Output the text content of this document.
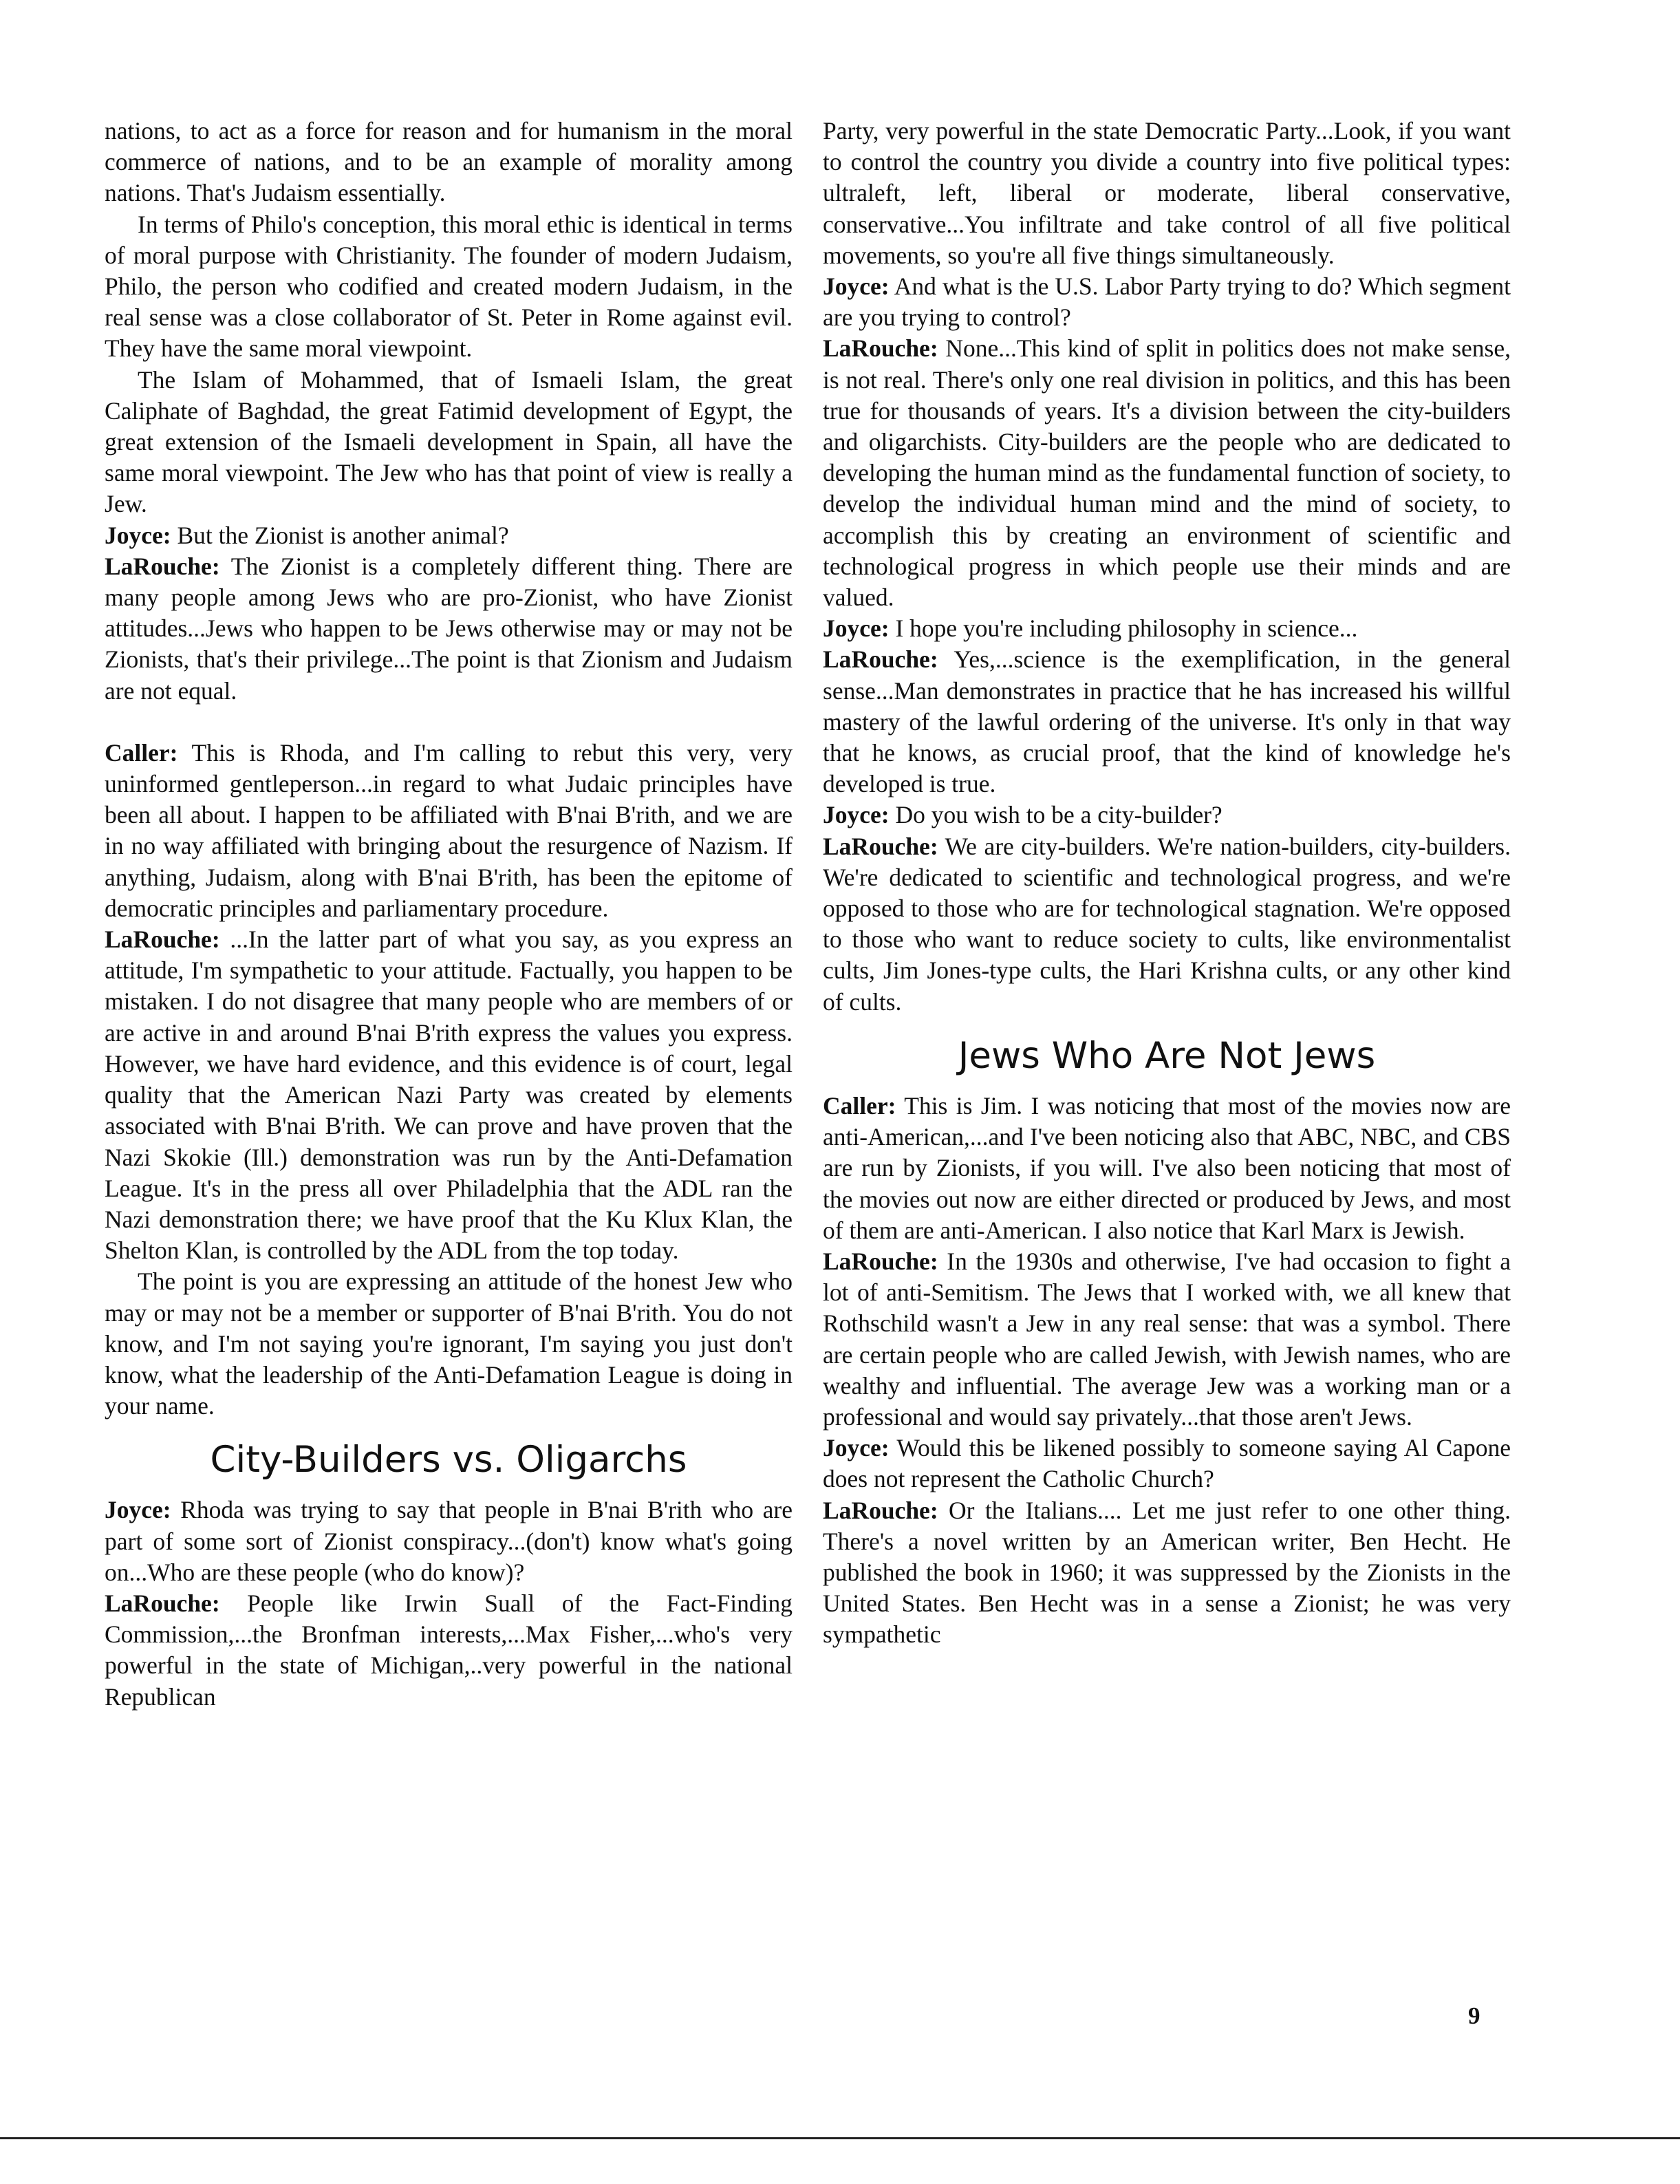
nations, to act as a force for reason and for humanism in the moral commerce of nations, and to be an example of morality among nations. That's Judaism essentially.

In terms of Philo's conception, this moral ethic is identical in terms of moral purpose with Christianity. The founder of modern Judaism, Philo, the person who codified and created modern Judaism, in the real sense was a close collaborator of St. Peter in Rome against evil. They have the same moral viewpoint.

The Islam of Mohammed, that of Ismaeli Islam, the great Caliphate of Baghdad, the great Fatimid development of Egypt, the great extension of the Ismaeli development in Spain, all have the same moral viewpoint. The Jew who has that point of view is really a Jew.

Joyce: But the Zionist is another animal?

LaRouche: The Zionist is a completely different thing. There are many people among Jews who are pro-Zionist, who have Zionist attitudes...Jews who happen to be Jews otherwise may or may not be Zionists, that's their privilege...The point is that Zionism and Judaism are not equal.

Caller: This is Rhoda, and I'm calling to rebut this very, very uninformed gentleperson...in regard to what Judaic principles have been all about. I happen to be affiliated with B'nai B'rith, and we are in no way affiliated with bringing about the resurgence of Nazism. If anything, Judaism, along with B'nai B'rith, has been the epitome of democratic principles and parliamentary procedure.

LaRouche: ...In the latter part of what you say, as you express an attitude, I'm sympathetic to your attitude. Factually, you happen to be mistaken. I do not disagree that many people who are members of or are active in and around B'nai B'rith express the values you express. However, we have hard evidence, and this evidence is of court, legal quality that the American Nazi Party was created by elements associated with B'nai B'rith. We can prove and have proven that the Nazi Skokie (Ill.) demonstration was run by the Anti-Defamation League. It's in the press all over Philadelphia that the ADL ran the Nazi demonstration there; we have proof that the Ku Klux Klan, the Shelton Klan, is controlled by the ADL from the top today.

The point is you are expressing an attitude of the honest Jew who may or may not be a member or supporter of B'nai B'rith. You do not know, and I'm not saying you're ignorant, I'm saying you just don't know, what the leadership of the Anti-Defamation League is doing in your name.

City-Builders vs. Oligarchs

Joyce: Rhoda was trying to say that people in B'nai B'rith who are part of some sort of Zionist conspiracy...(don't) know what's going on...Who are these people (who do know)?

LaRouche: People like Irwin Suall of the Fact-Finding Commission,...the Bronfman interests,...Max Fisher,...who's very powerful in the state of Michigan,..very powerful in the national Republican

Party, very powerful in the state Democratic Party...Look, if you want to control the country you divide a country into five political types: ultraleft, left, liberal or moderate, liberal conservative, conservative...You infiltrate and take control of all five political movements, so you're all five things simultaneously.

Joyce: And what is the U.S. Labor Party trying to do? Which segment are you trying to control?

LaRouche: None...This kind of split in politics does not make sense, is not real. There's only one real division in politics, and this has been true for thousands of years. It's a division between the city-builders and oligarchists. City-builders are the people who are dedicated to developing the human mind as the fundamental function of society, to develop the individual human mind and the mind of society, to accomplish this by creating an environment of scientific and technological progress in which people use their minds and are valued.

Joyce: I hope you're including philosophy in science...

LaRouche: Yes,...science is the exemplification, in the general sense...Man demonstrates in practice that he has increased his willful mastery of the lawful ordering of the universe. It's only in that way that he knows, as crucial proof, that the kind of knowledge he's developed is true.

Joyce: Do you wish to be a city-builder?

LaRouche: We are city-builders. We're nation-builders, city-builders. We're dedicated to scientific and technological progress, and we're opposed to those who are for technological stagnation. We're opposed to those who want to reduce society to cults, like environmentalist cults, Jim Jones-type cults, the Hari Krishna cults, or any other kind of cults.

Jews Who Are Not Jews

Caller: This is Jim. I was noticing that most of the movies now are anti-American,...and I've been noticing also that ABC, NBC, and CBS are run by Zionists, if you will. I've also been noticing that most of the movies out now are either directed or produced by Jews, and most of them are anti-American. I also notice that Karl Marx is Jewish.

LaRouche: In the 1930s and otherwise, I've had occasion to fight a lot of anti-Semitism. The Jews that I worked with, we all knew that Rothschild wasn't a Jew in any real sense: that was a symbol. There are certain people who are called Jewish, with Jewish names, who are wealthy and influential. The average Jew was a working man or a professional and would say privately...that those aren't Jews.

Joyce: Would this be likened possibly to someone saying Al Capone does not represent the Catholic Church?

LaRouche: Or the Italians.... Let me just refer to one other thing. There's a novel written by an American writer, Ben Hecht. He published the book in 1960; it was suppressed by the Zionists in the United States. Ben Hecht was in a sense a Zionist; he was very sympathetic

9
